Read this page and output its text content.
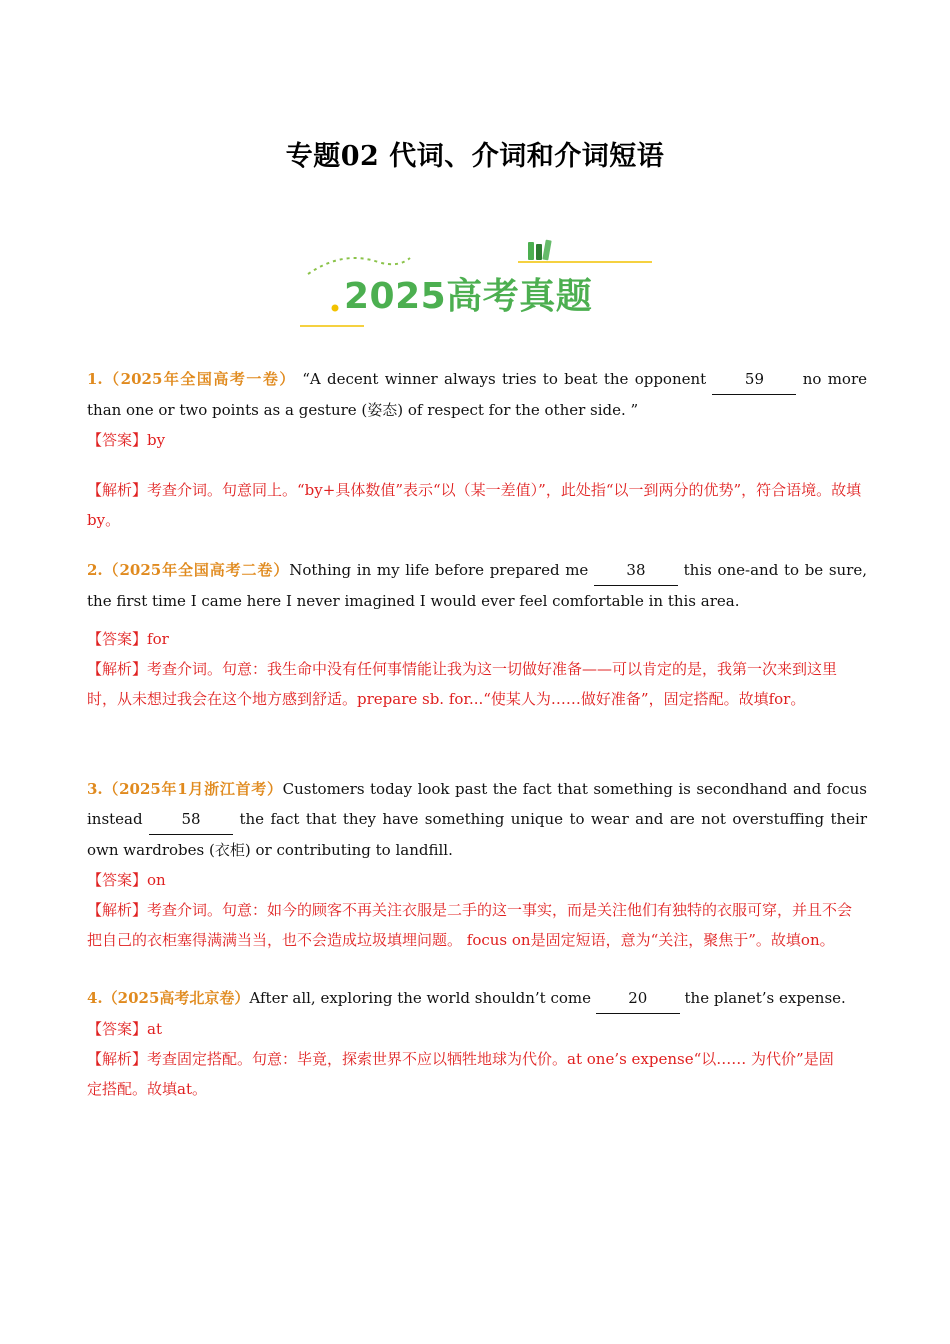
专题02 代词、介词和介词短语
2025高考真题

1.（2025年全国高考一卷） “A decent winner always tries to beat the opponent 59 no more than one or two points as a gesture (姿态) of respect for the other side. ”

【答案】by

【解析】考查介词。句意同上。“by+具体数值”表示“以（某一差值）”，此处指“以一到两分的优势”，符合语境。故填by。

2.（2025年全国高考二卷）Nothing in my life before prepared me 38 this one-and to be sure, the first time I came here I never imagined I would ever feel comfortable in this area.

【答案】for

【解析】考查介词。句意：我生命中没有任何事情能让我为这一切做好准备——可以肯定的是，我第一次来到这里时，从未想过我会在这个地方感到舒适。prepare sb. for...“使某人为……做好准备”，固定搭配。故填for。

3.（2025年1月浙江首考）Customers today look past the fact that something is secondhand and focus instead 58 the fact that they have something unique to wear and are not overstuffing their own wardrobes (衣柜) or contributing to landfill.

【答案】on

【解析】考查介词。句意：如今的顾客不再关注衣服是二手的这一事实，而是关注他们有独特的衣服可穿，并且不会把自己的衣柜塞得满满当当，也不会造成垃圾填埋问题。 focus on是固定短语，意为“关注，聚焦于”。故填on。

4.（2025高考北京卷）After all, exploring the world shouldn’t come 20 the planet’s expense.

【答案】at

【解析】考查固定搭配。句意：毕竟，探索世界不应以牺牲地球为代价。at one’s expense“以…… 为代价”是固定搭配。故填at。
